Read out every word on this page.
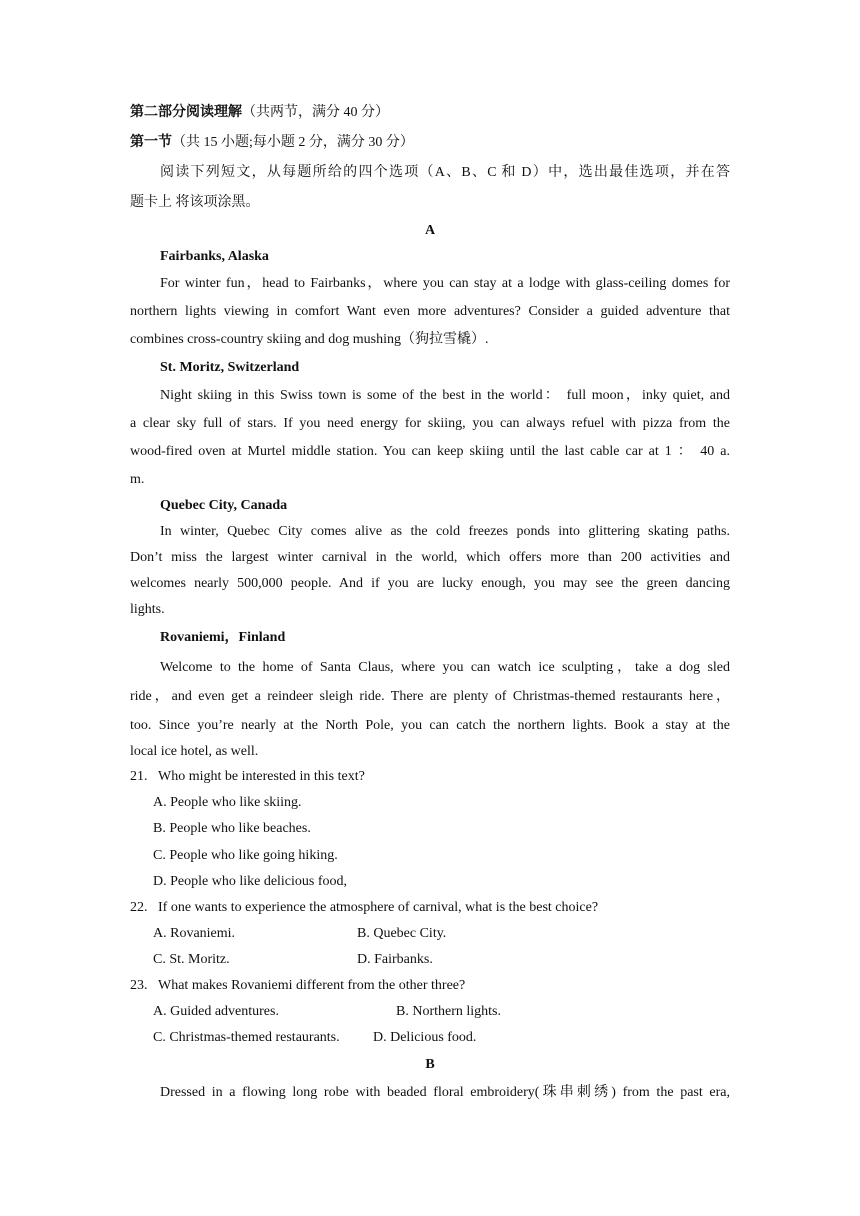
第二部分阅读理解（共两节，满分 40 分）
第一节（共 15 小题;每小题 2 分，满分 30 分）
阅读下列短文，从每题所给的四个选项（A、B、C 和 D）中，选出最佳选项，并在答
题卡上 将该项涂黑。
A
Fairbanks, Alaska
For winter fun，head to Fairbanks，where you can stay at a lodge with glass-ceiling domes for
northern lights viewing in comfort Want even more adventures? Consider a guided adventure that
combines cross-country skiing and dog mushing（狗拉雪橇）.
St. Moritz, Switzerland
Night skiing in this Swiss town is some of the best in the world： full moon，inky quiet, and
a clear sky full of stars. If you need energy for skiing, you can always refuel with pizza from the
wood-fired oven at Murtel middle station. You can keep skiing until the last cable car at 1 ： 40 a.
m.
Quebec City, Canada
In winter, Quebec City comes alive as the cold freezes ponds into glittering skating paths.
Don’t miss the largest winter carnival in the world, which offers more than 200 activities and
welcomes nearly 500,000 people. And if you are lucky enough, you may see the green dancing
lights.
Rovaniemi，Finland
Welcome to the home of Santa Claus, where you can watch ice sculpting，take a dog sled
ride，and even get a reindeer sleigh ride. There are plenty of Christmas-themed restaurants here，
too. Since you’re nearly at the North Pole, you can catch the northern lights. Book a stay at the
local ice hotel, as well.
21. Who might be interested in this text?
A. People who like skiing.
B. People who like beaches.
C. People who like going hiking.
D. People who like delicious food,
22. If one wants to experience the atmosphere of carnival, what is the best choice?
A. Rovaniemi.	B. Quebec City.
C. St. Moritz.	D. Fairbanks.
23. What makes Rovaniemi different from the other three?
A. Guided adventures.	B. Northern lights.
C. Christmas-themed restaurants. D. Delicious food.
B
Dressed in a flowing long robe with beaded floral embroidery(珠串刺绣) from the past era,
